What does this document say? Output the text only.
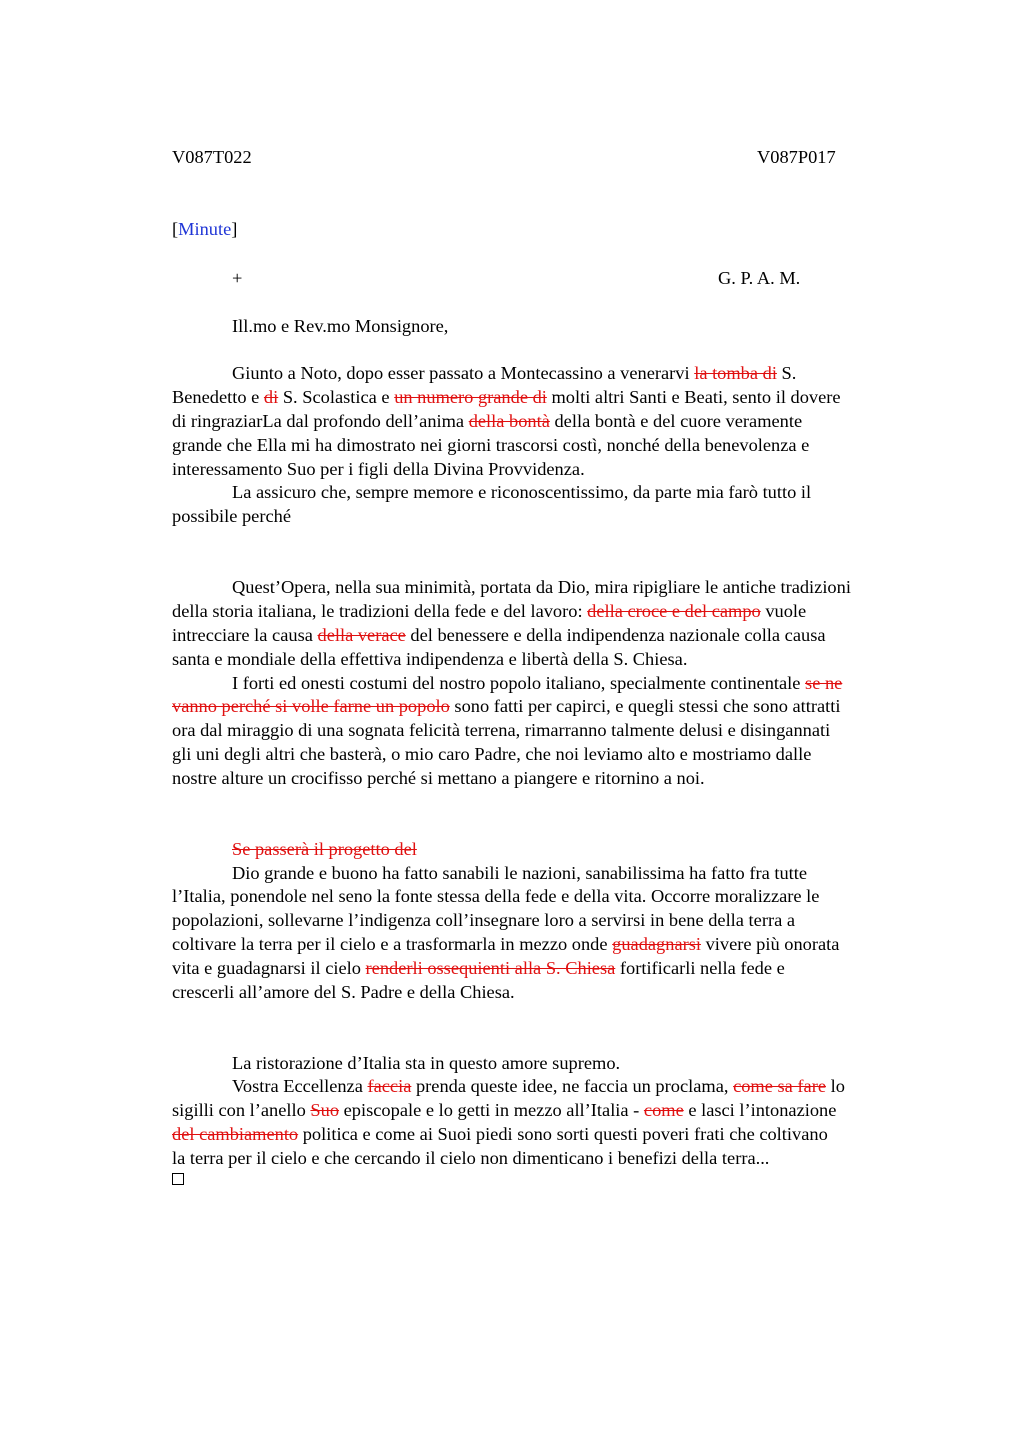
V087T022	V087P017
[Minute]
+	G. P. A. M.
Ill.mo e Rev.mo Monsignore,
Giunto a Noto, dopo esser passato a Montecassino a venerarvi la tomba di S.
Benedetto e di S. Scolastica e un numero grande di molti altri Santi e Beati, sento il dovere
di ringraziarLa dal profondo dell’anima della bontà della bontà e del cuore veramente
grande che Ella mi ha dimostrato nei giorni trascorsi costì, nonché della benevolenza e
interessamento Suo per i figli della Divina Provvidenza.
La assicuro che, sempre memore e riconoscentissimo, da parte mia farò tutto il
possibile perché
Quest’Opera, nella sua minimità, portata da Dio, mira ripigliare le antiche tradizioni
della storia italiana, le tradizioni della fede e del lavoro: della croce e del campo vuole
intrecciare la causa della verace del benessere e della indipendenza nazionale colla causa
santa e mondiale della effettiva indipendenza e libertà della S. Chiesa.
I forti ed onesti costumi del nostro popolo italiano, specialmente continentale se ne
vanno perché si volle farne un popolo sono fatti per capirci, e quegli stessi che sono attratti
ora dal miraggio di una sognata felicità terrena, rimarranno talmente delusi e disingannati
gli uni degli altri che basterà, o mio caro Padre, che noi leviamo alto e mostriamo dalle
nostre alture un crocifisso perché si mettano a piangere e ritornino a noi.
Se passerà il progetto del
Dio grande e buono ha fatto sanabili le nazioni, sanabilissima ha fatto fra tutte
l’Italia, ponendole nel seno la fonte stessa della fede e della vita. Occorre moralizzare le
popolazioni, sollevarne l’indigenza coll’insegnare loro a servirsi in bene della terra a
coltivare la terra per il cielo e a trasformarla in mezzo onde guadagnarsi vivere più onorata
vita e guadagnarsi il cielo renderli ossequienti alla S. Chiesa fortificarli nella fede e
crescerli all’amore del S. Padre e della Chiesa.
La ristorazione d’Italia sta in questo amore supremo.
Vostra Eccellenza faccia prenda queste idee, ne faccia un proclama, come sa fare lo
sigilli con l’anello Suo episcopale e lo getti in mezzo all’Italia - come e lasci l’intonazione
del cambiamento politica e come ai Suoi piedi sono sorti questi poveri frati che coltivano
la terra per il cielo e che cercando il cielo non dimenticano i benefizi della terra...
